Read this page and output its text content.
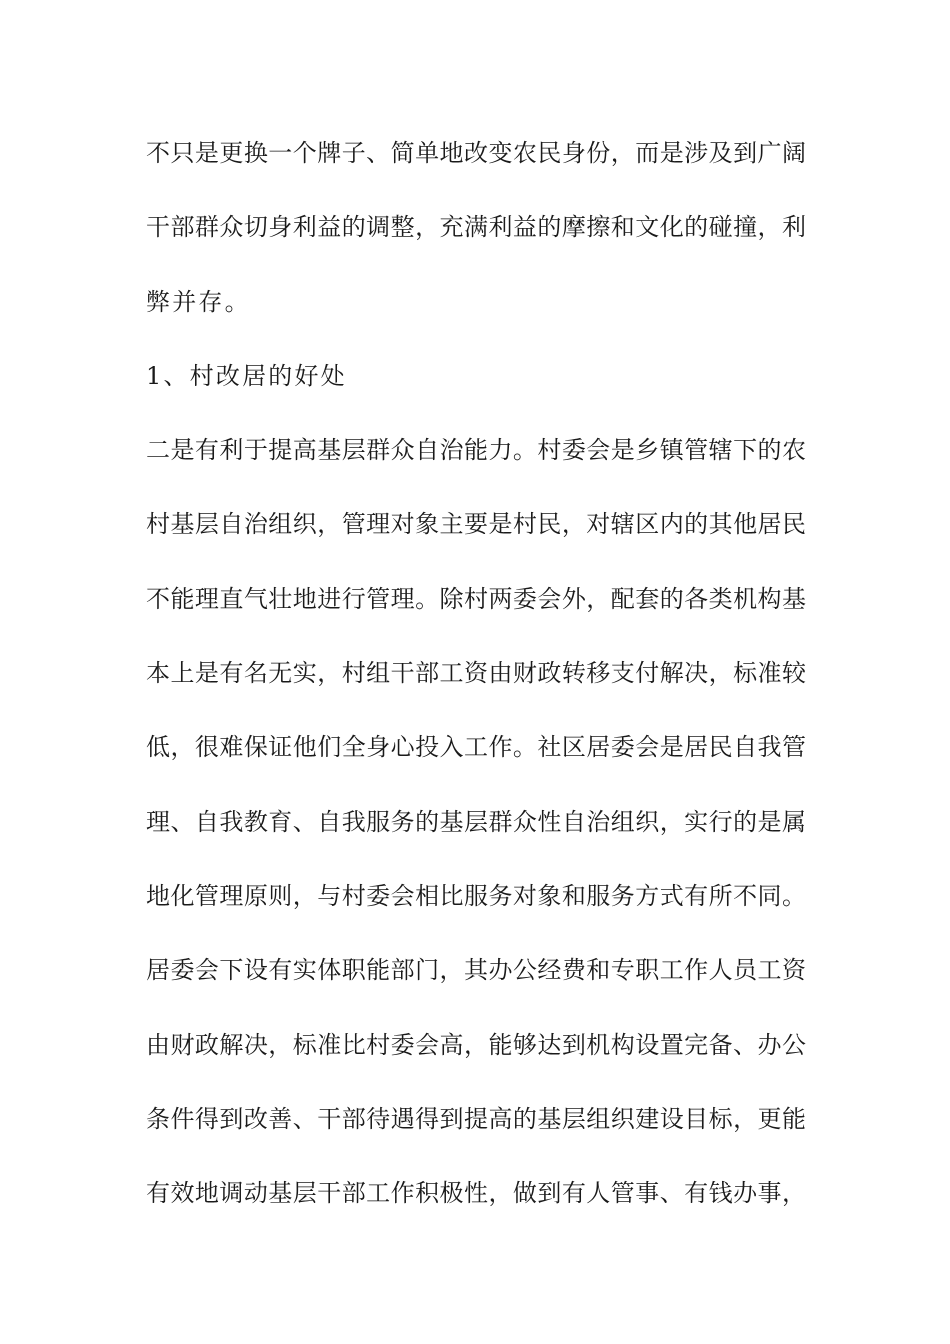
不只是更换一个牌子、简单地改变农民身份，而是涉及到广阔
干部群众切身利益的调整，充满利益的摩擦和文化的碰撞，利
弊并存。
1、村改居的好处
二是有利于提高基层群众自治能力。村委会是乡镇管辖下的农
村基层自治组织，管理对象主要是村民，对辖区内的其他居民
不能理直气壮地进行管理。除村两委会外，配套的各类机构基
本上是有名无实，村组干部工资由财政转移支付解决，标准较
低，很难保证他们全身心投入工作。社区居委会是居民自我管
理、自我教育、自我服务的基层群众性自治组织，实行的是属
地化管理原则，与村委会相比服务对象和服务方式有所不同。
居委会下设有实体职能部门，其办公经费和专职工作人员工资
由财政解决，标准比村委会高，能够达到机构设置完备、办公
条件得到改善、干部待遇得到提高的基层组织建设目标，更能
有效地调动基层干部工作积极性，做到有人管事、有钱办事，
